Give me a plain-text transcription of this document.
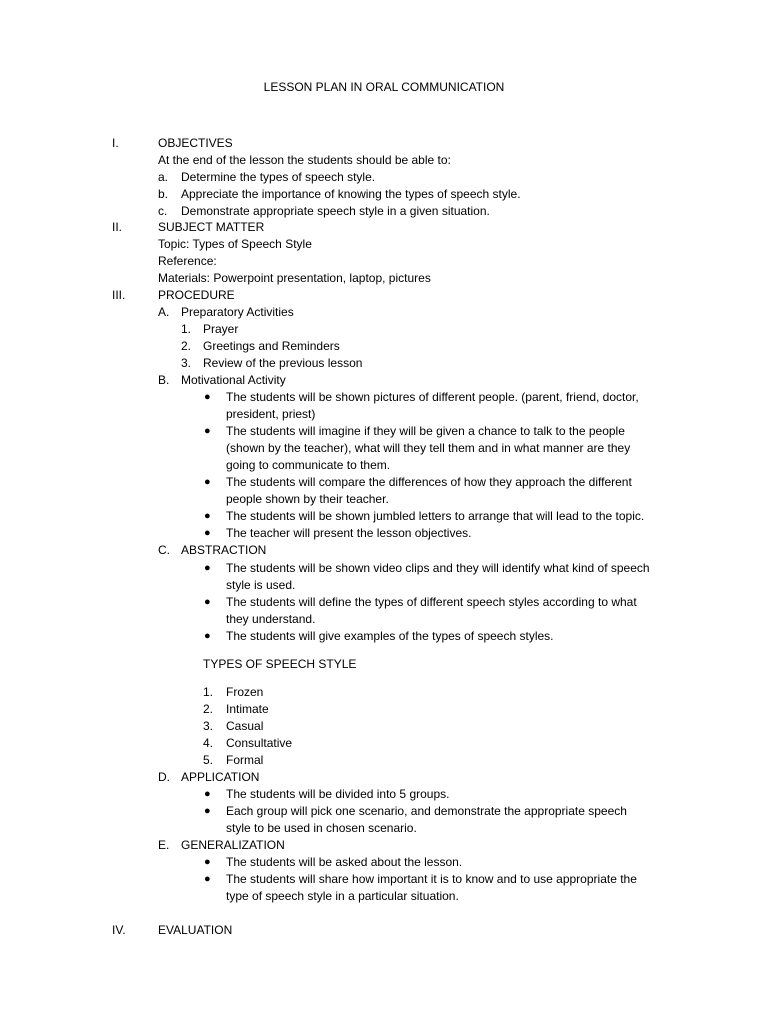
LESSON PLAN IN ORAL COMMUNICATION
I.	OBJECTIVES
At the end of the lesson the students should be able to:
a. Determine the types of speech style.
b. Appreciate the importance of knowing the types of speech style.
c. Demonstrate appropriate speech style in a given situation.
II.	SUBJECT MATTER
Topic: Types of Speech Style
Reference:
Materials: Powerpoint presentation, laptop, pictures
III.	PROCEDURE
A. Preparatory Activities
1. Prayer
2. Greetings and Reminders
3. Review of the previous lesson
B. Motivational Activity
● The students will be shown pictures of different people. (parent, friend, doctor,
president, priest)
● The students will imagine if they will be given a chance to talk to the people
(shown by the teacher), what will they tell them and in what manner are they
going to communicate to them.
● The students will compare the differences of how they approach the different
people shown by their teacher.
● The students will be shown jumbled letters to arrange that will lead to the topic.
● The teacher will present the lesson objectives.
C. ABSTRACTION
● The students will be shown video clips and they will identify what kind of speech
style is used.
● The students will define the types of different speech styles according to what
they understand.
● The students will give examples of the types of speech styles.
TYPES OF SPEECH STYLE
1. Frozen
2. Intimate
3. Casual
4. Consultative
5. Formal
D. APPLICATION
● The students will be divided into 5 groups.
● Each group will pick one scenario, and demonstrate the appropriate speech
style to be used in chosen scenario.
E. GENERALIZATION
● The students will be asked about the lesson.
● The students will share how important it is to know and to use appropriate the
type of speech style in a particular situation.
IV.	EVALUATION
